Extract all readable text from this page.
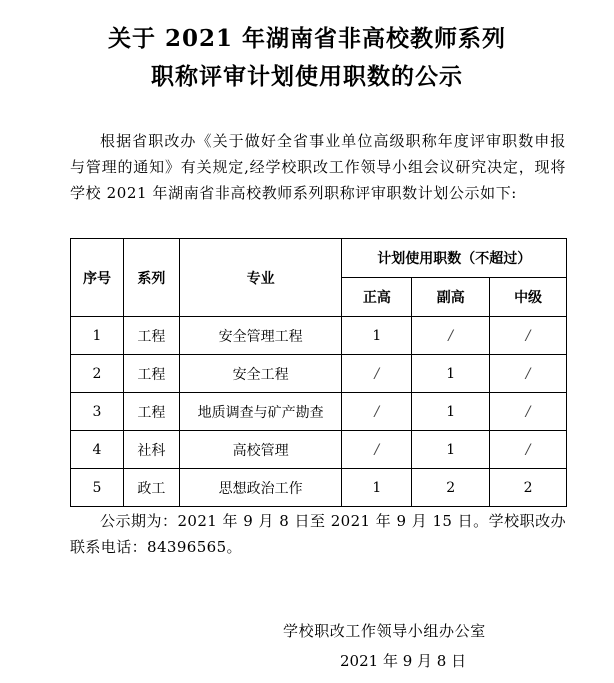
关于 2021 年湖南省非高校教师系列
职称评审计划使用职数的公示

根据省职改办《关于做好全省事业单位高级职称年度评审职数申报与管理的通知》有关规定,经学校职改工作领导小组会议研究决定，现将学校 2021 年湖南省非高校教师系列职称评审职数计划公示如下:

序号	系列	专业	计划使用职数（不超过）		
			正高	副高	中级
1	工程	安全管理工程	1	/	/
2	工程	安全工程	/	1	/
3	工程	地质调查与矿产勘查	/	1	/
4	社科	高校管理	/	1	/
5	政工	思想政治工作	1	2	2

公示期为：2021 年 9 月 8 日至 2021 年 9 月 15 日。学校职改办联系电话：84396565。

学校职改工作领导小组办公室

2021 年 9 月 8 日
